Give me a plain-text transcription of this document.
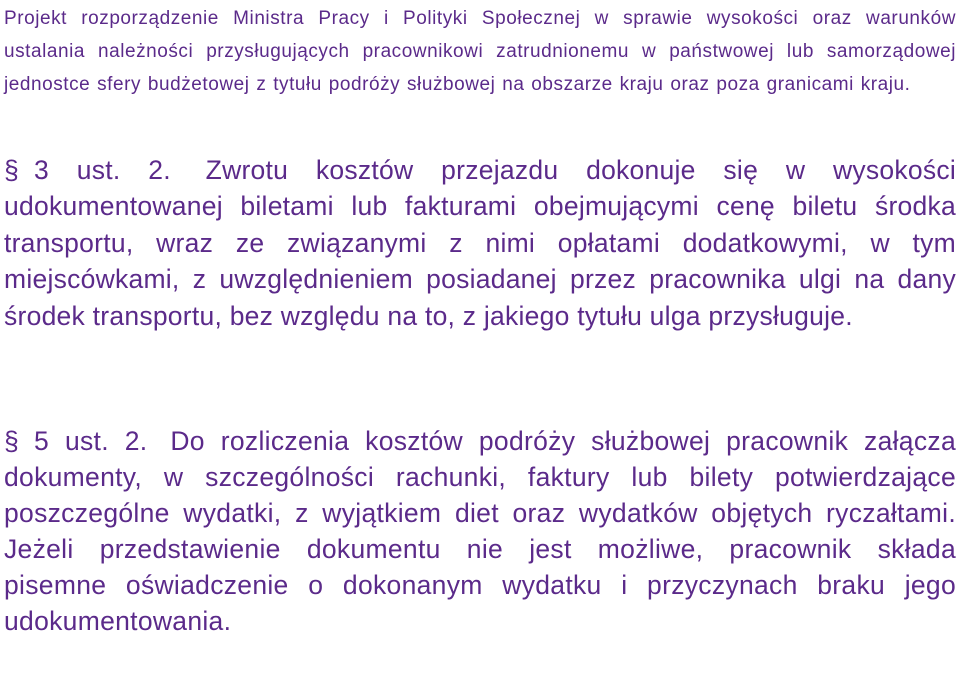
Projekt rozporządzenie Ministra Pracy i Polityki Społecznej w sprawie wysokości oraz warunków ustalania należności przysługujących pracownikowi zatrudnionemu w państwowej lub samorządowej jednostce sfery budżetowej z tytułu podróży służbowej na obszarze kraju oraz poza granicami kraju.

§ 3 ust. 2. Zwrotu kosztów przejazdu dokonuje się w wysokości udokumentowanej biletami lub fakturami obejmującymi cenę biletu środka transportu, wraz ze związanymi z nimi opłatami dodatkowymi, w tym miejscówkami, z uwzględnieniem posiadanej przez pracownika ulgi na dany środek transportu, bez względu na to, z jakiego tytułu ulga przysługuje.

§ 5 ust. 2. Do rozliczenia kosztów podróży służbowej pracownik załącza dokumenty, w szczególności rachunki, faktury lub bilety potwierdzające poszczególne wydatki, z wyjątkiem diet oraz wydatków objętych ryczałtami. Jeżeli przedstawienie dokumentu nie jest możliwe, pracownik składa pisemne oświadczenie o dokonanym wydatku i przyczynach braku jego udokumentowania.
